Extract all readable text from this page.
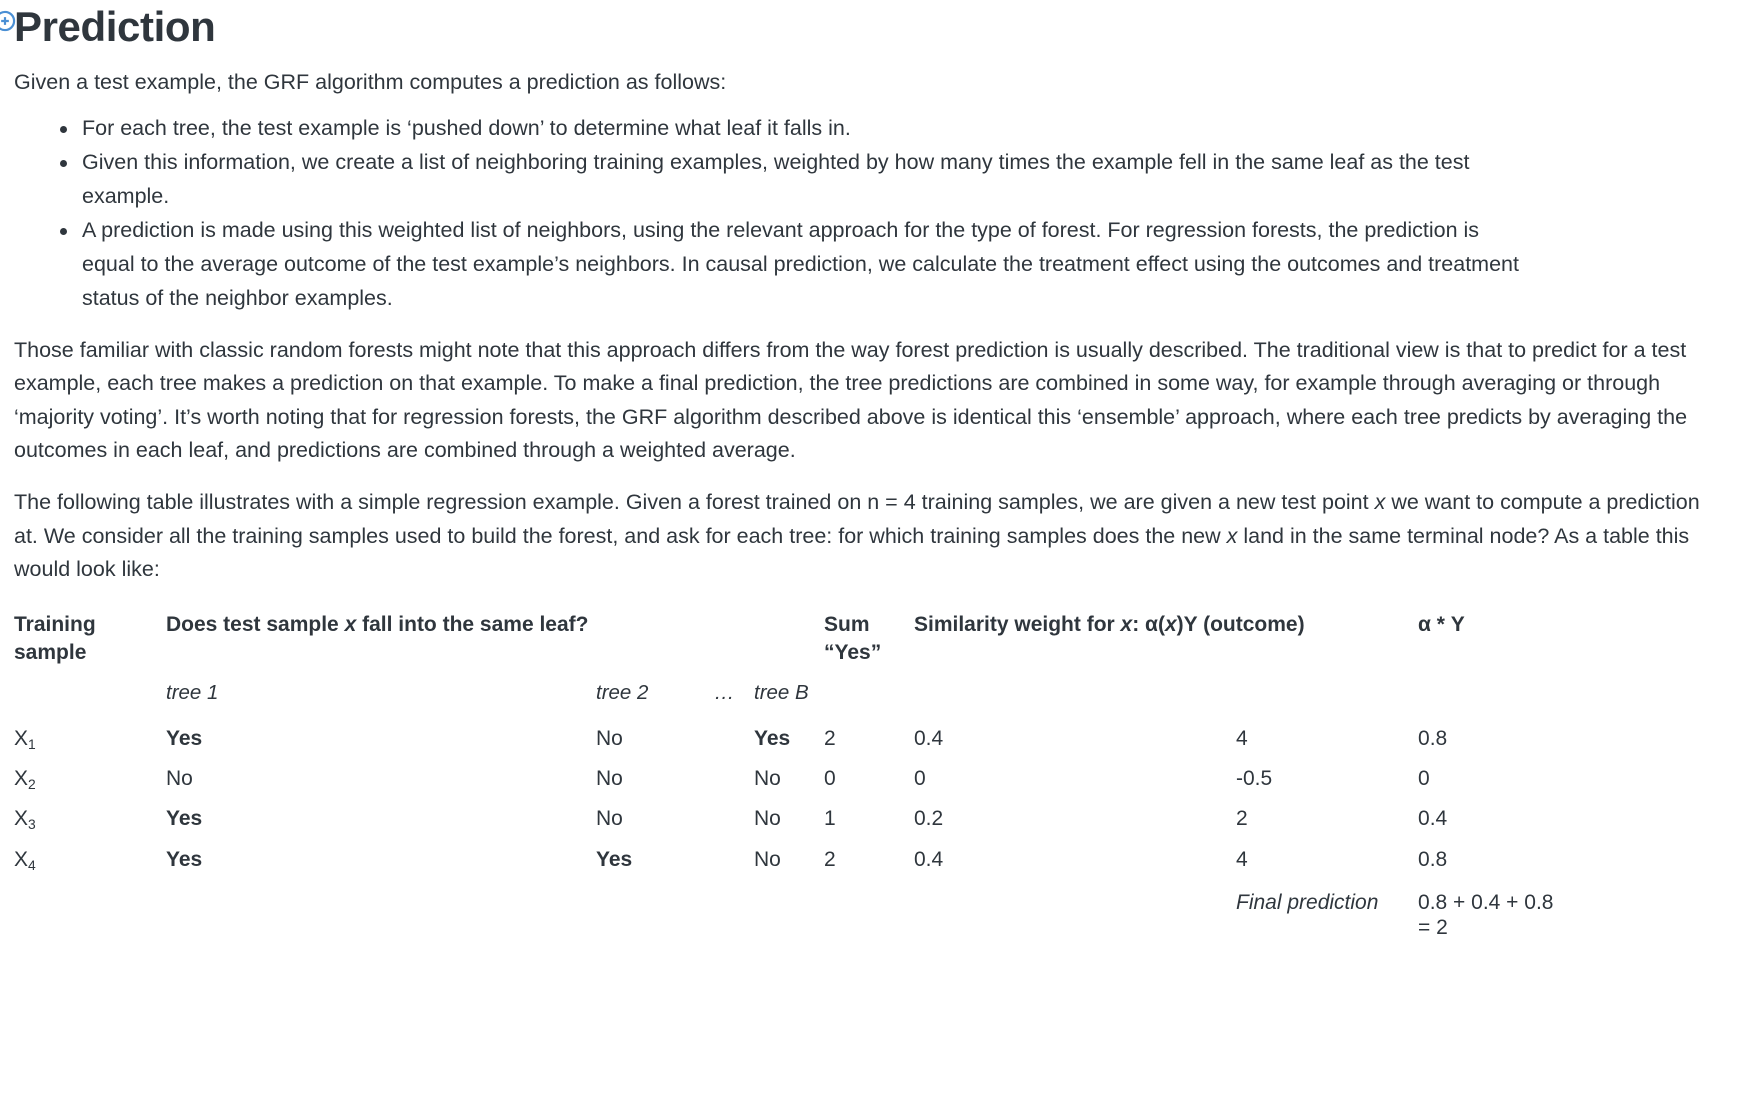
Prediction

Given a test example, the GRF algorithm computes a prediction as follows:

For each tree, the test example is ‘pushed down’ to determine what leaf it falls in.
Given this information, we create a list of neighboring training examples, weighted by how many times the example fell in the same leaf as the test example.
A prediction is made using this weighted list of neighbors, using the relevant approach for the type of forest. For regression forests, the prediction is equal to the average outcome of the test example’s neighbors. In causal prediction, we calculate the treatment effect using the outcomes and treatment status of the neighbor examples.

Those familiar with classic random forests might note that this approach differs from the way forest prediction is usually described. The traditional view is that to predict for a test example, each tree makes a prediction on that example. To make a final prediction, the tree predictions are combined in some way, for example through averaging or through ‘majority voting’. It’s worth noting that for regression forests, the GRF algorithm described above is identical this ‘ensemble’ approach, where each tree predicts by averaging the outcomes in each leaf, and predictions are combined through a weighted average.

The following table illustrates with a simple regression example. Given a forest trained on n = 4 training samples, we are given a new test point x we want to compute a prediction at. We consider all the training samples used to build the forest, and ask for each tree: for which training samples does the new x land in the same terminal node? As a table this would look like:

Training sample	Does test sample x fall into the same leaf?				Sum “Yes”	Similarity weight for x: α(x)Y (outcome)		α * Y
	tree 1	tree 2	…	tree B				
$X_1$	Yes	No		Yes	2	0.4	4	0.8
$X_2$	No	No		No	0	0	-0.5	0
$X_3$	Yes	No		No	1	0.2	2	0.4
$X_4$	Yes	Yes		No	2	0.4	4	0.8
							Final prediction	0.8 + 0.4 + 0.8
= 2
